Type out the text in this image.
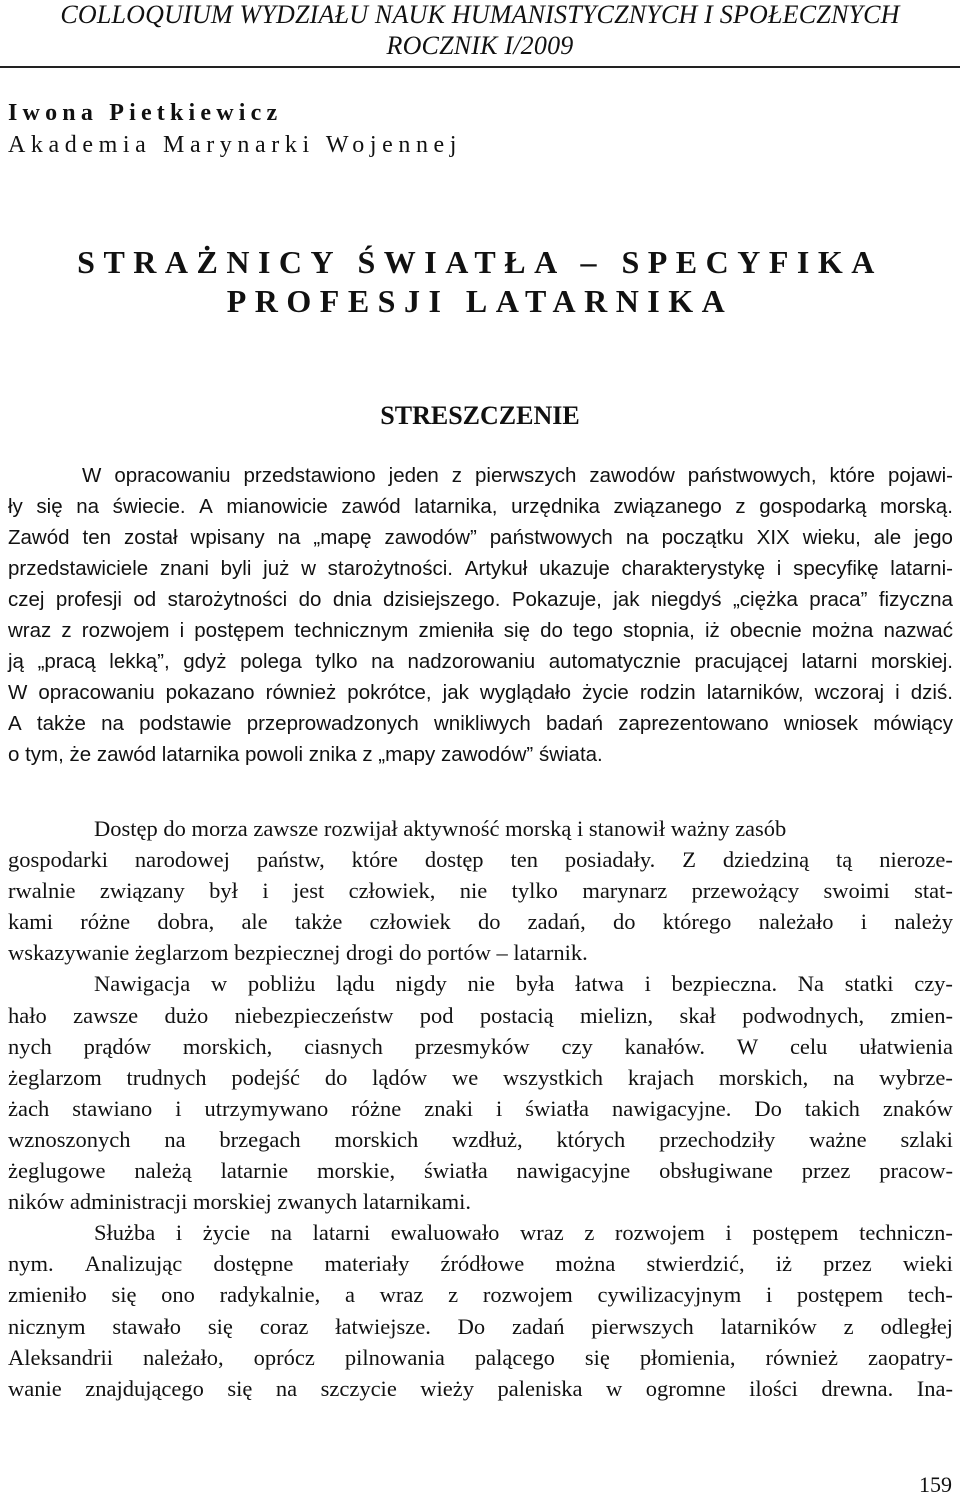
COLLOQUIUM WYDZIAŁU NAUK HUMANISTYCZNYCH I SPOŁECZNYCH
ROCZNIK I/2009
Iwona Pietkiewicz
Akademia Marynarki Wojennej
STRAŻNICY ŚWIATŁA – SPECYFIKA
PROFESJI LATARNIKA
STRESZCZENIE
W opracowaniu przedstawiono jeden z pierwszych zawodów państwowych, które pojawi-
ły się na świecie. A mianowicie zawód latarnika, urzędnika związanego z gospodarką morską.
Zawód ten został wpisany na „mapę zawodów” państwowych na początku XIX wieku, ale jego
przedstawiciele znani byli już w starożytności. Artykuł ukazuje charakterystykę i specyfikę latarni-
czej profesji od starożytności do dnia dzisiejszego. Pokazuje, jak niegdyś „ciężka praca” fizyczna
wraz z rozwojem i postępem technicznym zmieniła się do tego stopnia, iż obecnie można nazwać
ją „pracą lekką”, gdyż polega tylko na nadzorowaniu automatycznie pracującej latarni morskiej.
W opracowaniu pokazano również pokrótce, jak wyglądało życie rodzin latarników, wczoraj i dziś.
A także na podstawie przeprowadzonych wnikliwych badań zaprezentowano wniosek mówiący
o tym, że zawód latarnika powoli znika z „mapy zawodów” świata.
Dostęp do morza zawsze rozwijał aktywność morską i stanowił ważny zasób
gospodarki narodowej państw, które dostęp ten posiadały. Z dziedziną tą nieroze-
rwalnie związany był i jest człowiek, nie tylko marynarz przewożący swoimi stat-
kami różne dobra, ale także człowiek do zadań, do którego należało i należy
wskazywanie żeglarzom bezpiecznej drogi do portów – latarnik.
Nawigacja w pobliżu lądu nigdy nie była łatwa i bezpieczna. Na statki czy-
hało zawsze dużo niebezpieczeństw pod postacią mielizn, skał podwodnych, zmien-
nych prądów morskich, ciasnych przesmyków czy kanałów. W celu ułatwienia
żeglarzom trudnych podejść do lądów we wszystkich krajach morskich, na wybrze-
żach stawiano i utrzymywano różne znaki i światła nawigacyjne. Do takich znaków
wznoszonych na brzegach morskich wzdłuż, których przechodziły ważne szlaki
żeglugowe należą latarnie morskie, światła nawigacyjne obsługiwane przez pracow-
ników administracji morskiej zwanych latarnikami.
Służba i życie na latarni ewaluowało wraz z rozwojem i postępem techniczn-
nym. Analizując dostępne materiały źródłowe można stwierdzić, iż przez wieki
zmieniło się ono radykalnie, a wraz z rozwojem cywilizacyjnym i postępem tech-
nicznym stawało się coraz łatwiejsze. Do zadań pierwszych latarników z odległej
Aleksandrii należało, oprócz pilnowania palącego się płomienia, również zaopatry-
wanie znajdującego się na szczycie wieży paleniska w ogromne ilości drewna. Ina-
159
